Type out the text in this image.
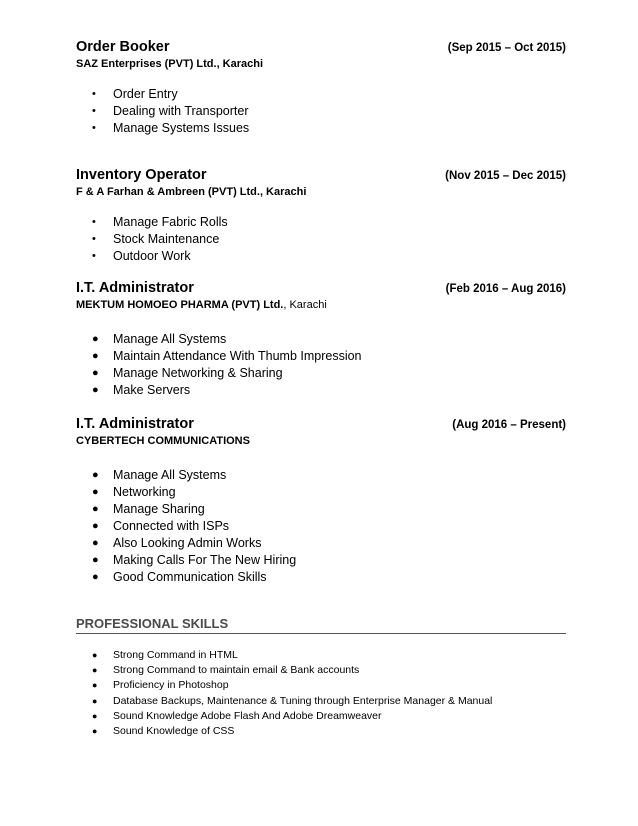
Order Booker	(Sep 2015 – Oct 2015)
SAZ Enterprises (PVT) Ltd., Karachi
• Order Entry
• Dealing with Transporter
• Manage Systems Issues
Inventory Operator	(Nov 2015 – Dec 2015)
F & A Farhan & Ambreen (PVT) Ltd., Karachi
• Manage Fabric Rolls
• Stock Maintenance
• Outdoor Work
I.T. Administrator	(Feb 2016 – Aug 2016)
MEKTUM HOMOEO PHARMA (PVT) Ltd., Karachi
● Manage All Systems
● Maintain Attendance With Thumb Impression
● Manage Networking & Sharing
● Make Servers
I.T. Administrator	(Aug 2016 – Present)
CYBERTECH COMMUNICATIONS
● Manage All Systems
● Networking
● Manage Sharing
● Connected with ISPs
● Also Looking Admin Works
● Making Calls For The New Hiring
● Good Communication Skills
PROFESSIONAL SKILLS
● Strong Command in HTML
● Strong Command to maintain email & Bank accounts
● Proficiency in Photoshop
● Database Backups, Maintenance & Tuning through Enterprise Manager & Manual
● Sound Knowledge Adobe Flash And Adobe Dreamweaver
● Sound Knowledge of CSS
